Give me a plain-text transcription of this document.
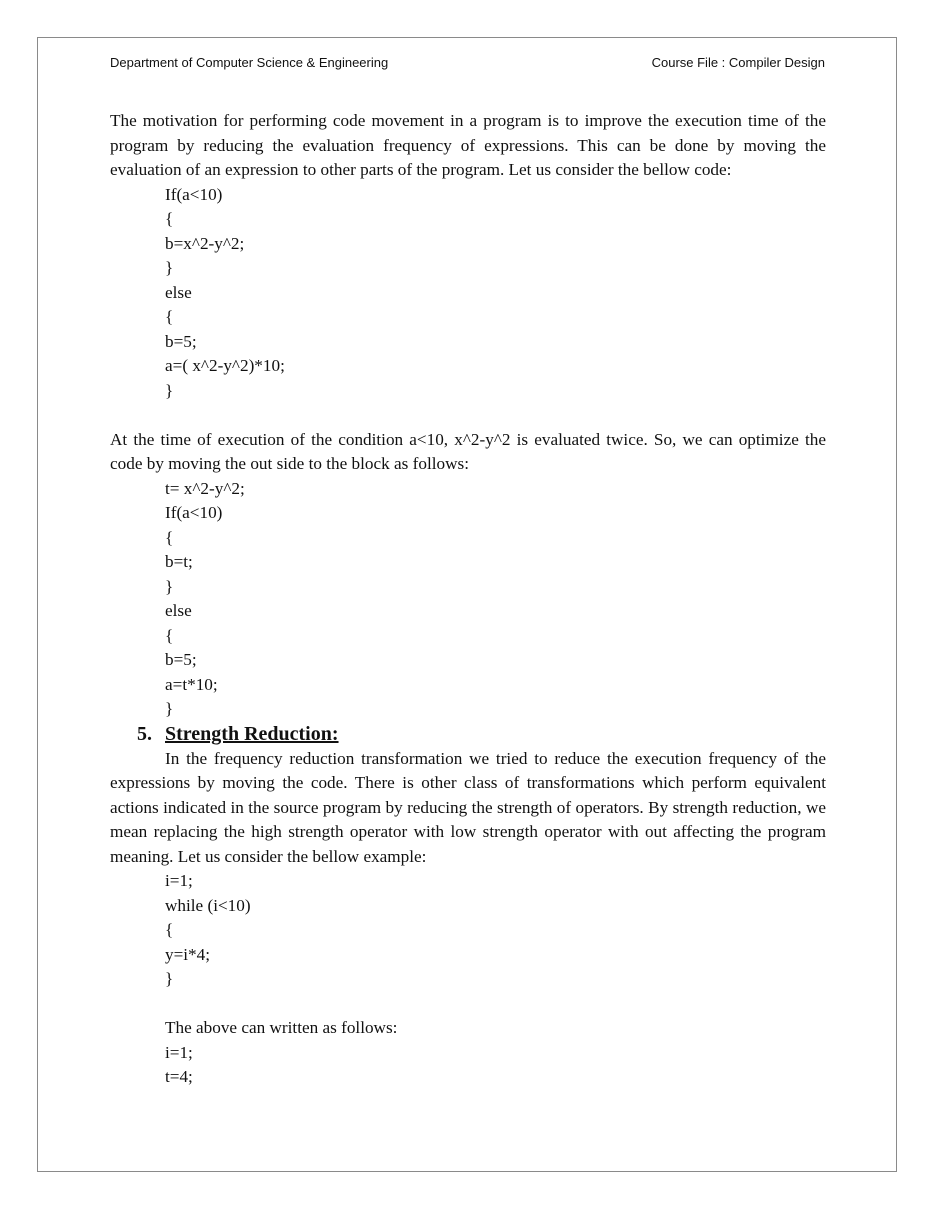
Department of Computer Science & Engineering	Course File : Compiler Design

The motivation for performing code movement in a program is to improve the execution time of the program by reducing the evaluation frequency of expressions. This can be done by moving the evaluation of an expression to other parts of the program. Let us consider the bellow code:

If(a<10)
{
b=x^2-y^2;
}
else
{
b=5;
a=( x^2-y^2)*10;
}

At the time of execution of the condition a<10, x^2-y^2 is evaluated twice. So, we can optimize the code by moving the out side to the block as follows:

t= x^2-y^2;
If(a<10)
{
b=t;
}
else
{
b=5;
a=t*10;
}
5. Strength Reduction:

In the frequency reduction transformation we tried to reduce the execution frequency of the expressions by moving the code. There is other class of transformations which perform equivalent actions indicated in the source program by reducing the strength of operators. By strength reduction, we mean replacing the high strength operator with low strength operator with out affecting the program meaning. Let us consider the bellow example:

i=1;
while (i<10)
{
y=i*4;
}
The above can written as follows:
i=1;
t=4;
